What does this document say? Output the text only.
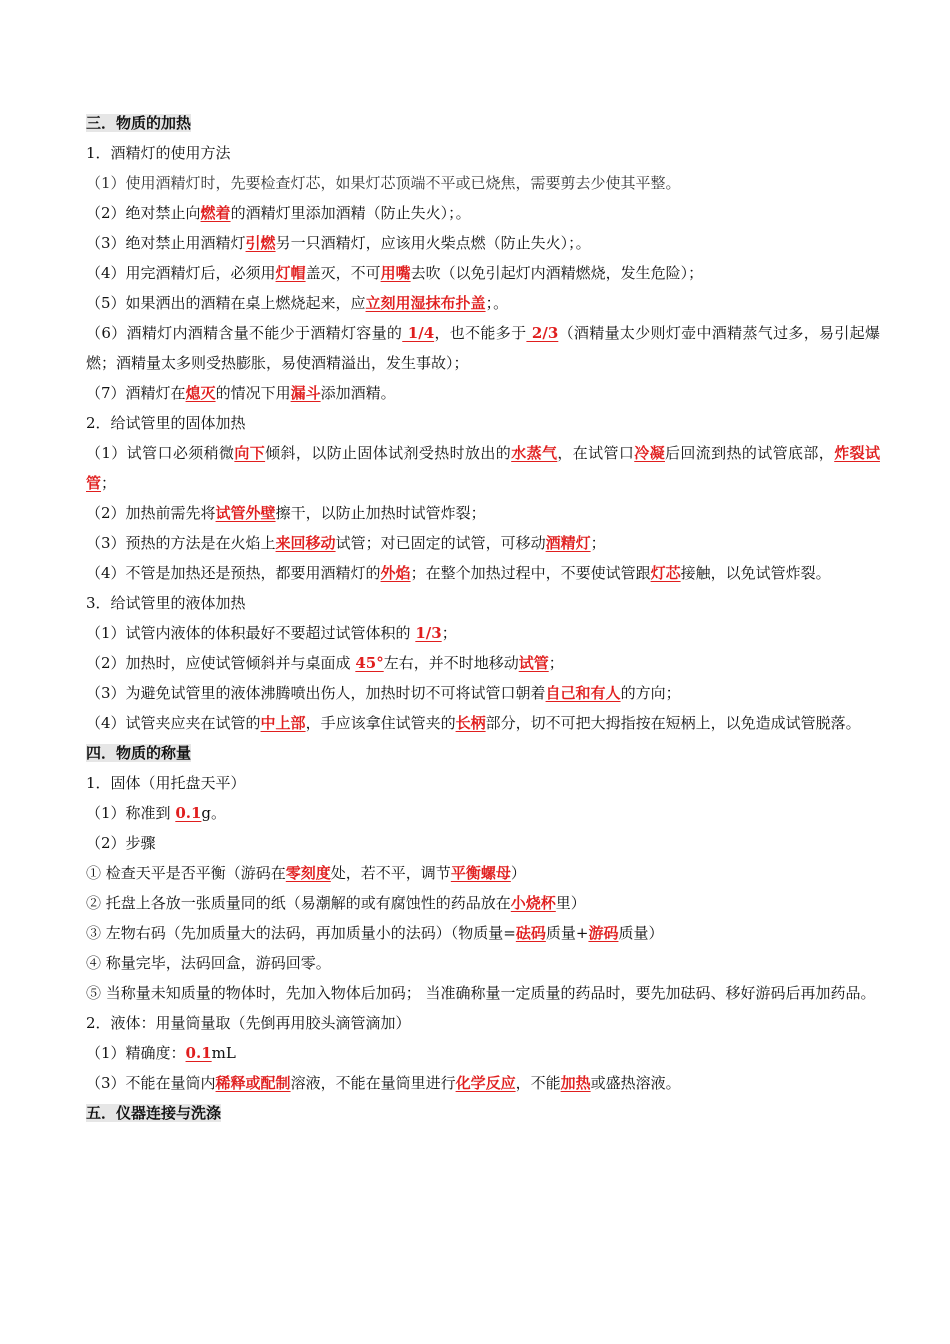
三．物质的加热
1．酒精灯的使用方法
（1）使用酒精灯时，先要检查灯芯，如果灯芯顶端不平或已烧焦，需要剪去少使其平整。
（2）绝对禁止向燃着的酒精灯里添加酒精（防止失火）；。
（3）绝对禁止用酒精灯引燃另一只酒精灯，应该用火柴点燃（防止失火）；。
（4）用完酒精灯后，必须用灯帽盖灭，不可用嘴去吹（以免引起灯内酒精燃烧，发生危险）；
（5）如果洒出的酒精在桌上燃烧起来，应立刻用湿抹布扑盖；。
（6）酒精灯内酒精含量不能少于酒精灯容量的 1/4，也不能多于 2/3（酒精量太少则灯壶中酒精蒸气过多，易引起爆燃；酒精量太多则受热膨胀，易使酒精溢出，发生事故）；
（7）酒精灯在熄灭的情况下用漏斗添加酒精。
2．给试管里的固体加热
（1）试管口必须稍微向下倾斜，以防止固体试剂受热时放出的水蒸气，在试管口冷凝后回流到热的试管底部，炸裂试管；
（2）加热前需先将试管外壁擦干，以防止加热时试管炸裂；
（3）预热的方法是在火焰上来回移动试管；对已固定的试管，可移动酒精灯；
（4）不管是加热还是预热，都要用酒精灯的外焰；在整个加热过程中，不要使试管跟灯芯接触，以免试管炸裂。
3．给试管里的液体加热
（1）试管内液体的体积最好不要超过试管体积的 1/3；
（2）加热时，应使试管倾斜并与桌面成 45°左右，并不时地移动试管；
（3）为避免试管里的液体沸腾喷出伤人，加热时切不可将试管口朝着自己和有人的方向；
（4）试管夹应夹在试管的中上部，手应该拿住试管夹的长柄部分，切不可把大拇指按在短柄上，以免造成试管脱落。
四．物质的称量
1．固体（用托盘天平）
（1）称准到 0.1g。
（2）步骤
① 检查天平是否平衡（游码在零刻度处，若不平，调节平衡螺母）
② 托盘上各放一张质量同的纸（易潮解的或有腐蚀性的药品放在小烧杯里）
③ 左物右码（先加质量大的法码，再加质量小的法码）（物质量=砝码质量+游码质量）
④ 称量完毕，法码回盒，游码回零。
⑤ 当称量未知质量的物体时，先加入物体后加码； 当准确称量一定质量的药品时，要先加砝码、移好游码后再加药品。
2．液体：用量筒量取（先倒再用胶头滴管滴加）
（1）精确度：0.1mL
（3）不能在量筒内稀释或配制溶液，不能在量筒里进行化学反应，不能加热或盛热溶液。
五．仪器连接与洗涤
